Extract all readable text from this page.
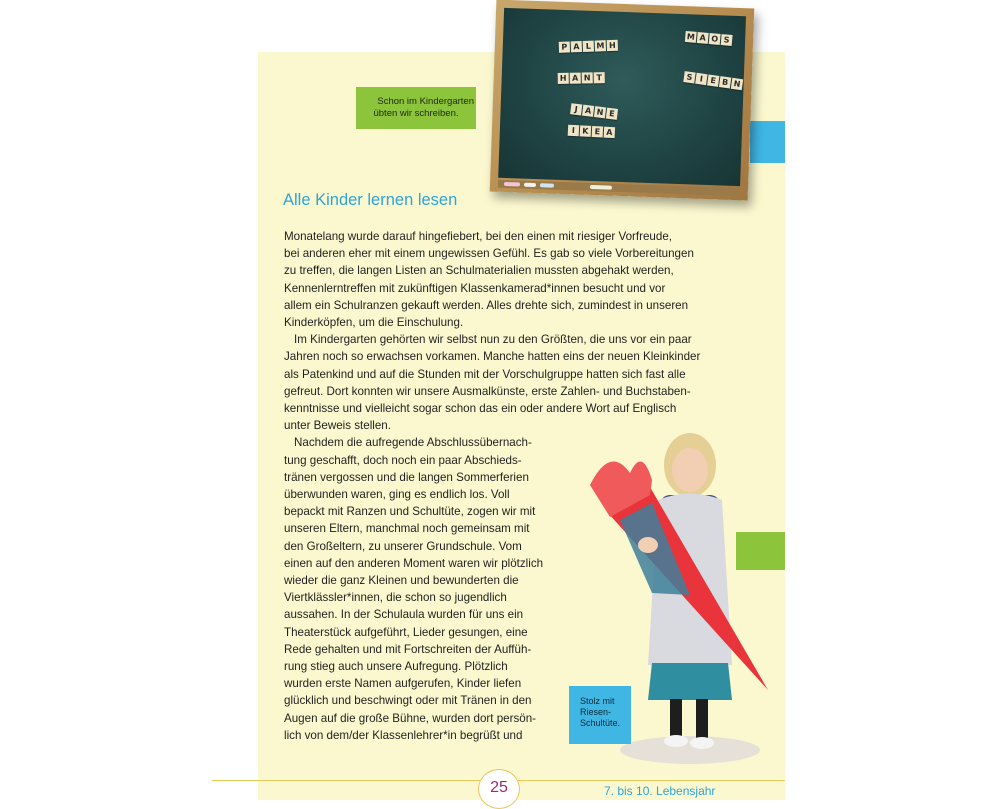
Schon im Kindergarten
übten wir schreiben.
P A L M H
M A O S
H A N T	S I E B N
J A N E
I K E A
Alle Kinder lernen lesen

Monatelang wurde darauf hingefiebert, bei den einen mit riesiger Vorfreude,
bei anderen eher mit einem ungewissen Gefühl. Es gab so viele Vorbereitungen
zu treffen, die langen Listen an Schulmaterialien mussten abgehakt werden,
Kennenlerntreffen mit zukünftigen Klassenkamerad*innen besucht und vor
allem ein Schulranzen gekauft werden. Alles drehte sich, zumindest in unseren
Kinderköpfen, um die Einschulung.

Im Kindergarten gehörten wir selbst nun zu den Größten, die uns vor ein paar
Jahren noch so erwachsen vorkamen. Manche hatten eins der neuen Kleinkinder
als Patenkind und auf die Stunden mit der Vorschulgruppe hatten sich fast alle
gefreut. Dort konnten wir unsere Ausmalkünste, erste Zahlen- und Buchstaben-
kenntnisse und vielleicht sogar schon das ein oder andere Wort auf Englisch
unter Beweis stellen.

Nachdem die aufregende Abschlussübernach-
tung geschafft, doch noch ein paar Abschieds-
tränen vergossen und die langen Sommerferien
überwunden waren, ging es endlich los. Voll
bepackt mit Ranzen und Schultüte, zogen wir mit
unseren Eltern, manchmal noch gemeinsam mit
den Großeltern, zu unserer Grundschule. Vom
einen auf den anderen Moment waren wir plötzlich
wieder die ganz Kleinen und bewunderten die
Viertklässler*innen, die schon so jugendlich
aussahen. In der Schulaula wurden für uns ein
Theaterstück aufgeführt, Lieder gesungen, eine
Rede gehalten und mit Fortschreiten der Auffüh-
rung stieg auch unsere Aufregung. Plötzlich
wurden erste Namen aufgerufen, Kinder liefen
glücklich und beschwingt oder mit Tränen in den
Augen auf die große Bühne, wurden dort persön-
lich von dem/der Klassenlehrer*in begrüßt und

Stolz mit
Riesen-
Schultüte.
25	7. bis 10. Lebensjahr
